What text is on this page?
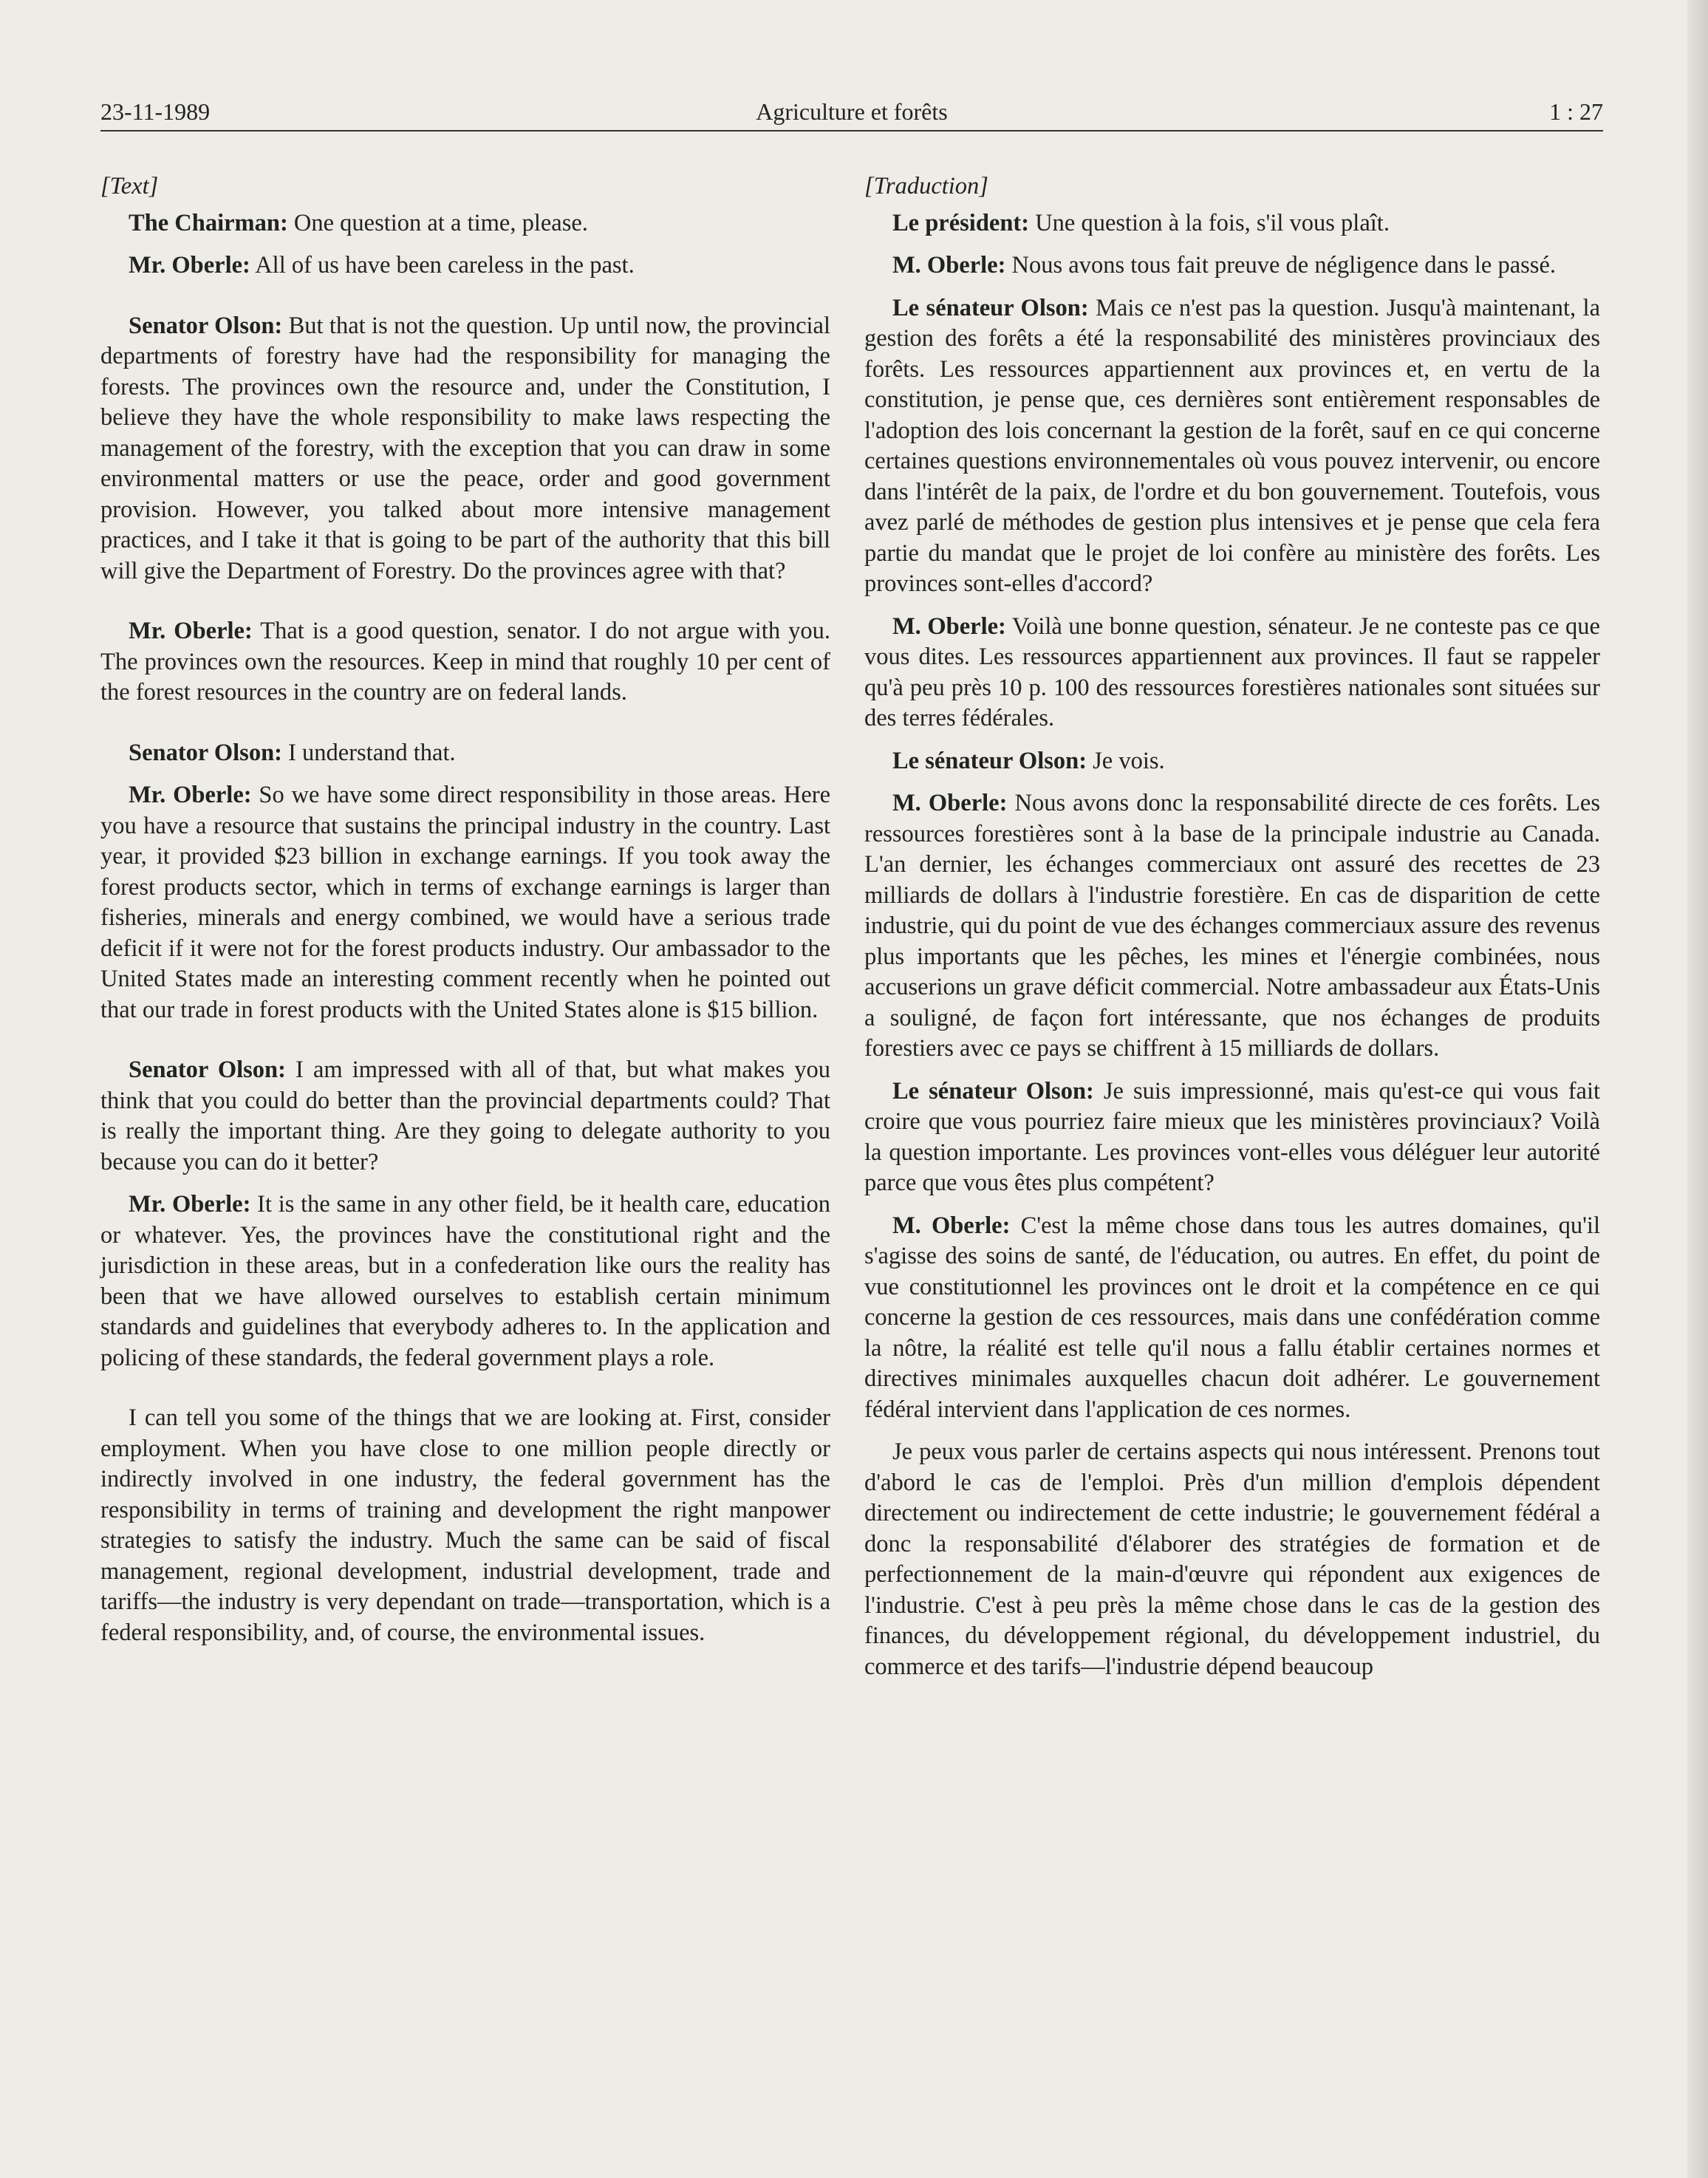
23-11-1989	Agriculture et forêts	1 : 27

[Text]

The Chairman: One question at a time, please.

Mr. Oberle: All of us have been careless in the past.

Senator Olson: But that is not the question. Up until now, the provincial departments of forestry have had the responsibility for managing the forests. The provinces own the resource and, under the Constitution, I believe they have the whole responsibility to make laws respecting the management of the forestry, with the exception that you can draw in some environmental matters or use the peace, order and good government provision. However, you talked about more intensive management practices, and I take it that is going to be part of the authority that this bill will give the Department of Forestry. Do the provinces agree with that?

Mr. Oberle: That is a good question, senator. I do not argue with you. The provinces own the resources. Keep in mind that roughly 10 per cent of the forest resources in the country are on federal lands.

Senator Olson: I understand that.

Mr. Oberle: So we have some direct responsibility in those areas. Here you have a resource that sustains the principal industry in the country. Last year, it provided $23 billion in exchange earnings. If you took away the forest products sector, which in terms of exchange earnings is larger than fisheries, minerals and energy combined, we would have a serious trade deficit if it were not for the forest products industry. Our ambassador to the United States made an interesting comment recently when he pointed out that our trade in forest products with the United States alone is $15 billion.

Senator Olson: I am impressed with all of that, but what makes you think that you could do better than the provincial departments could? That is really the important thing. Are they going to delegate authority to you because you can do it better?

Mr. Oberle: It is the same in any other field, be it health care, education or whatever. Yes, the provinces have the constitutional right and the jurisdiction in these areas, but in a confederation like ours the reality has been that we have allowed ourselves to establish certain minimum standards and guidelines that everybody adheres to. In the application and policing of these standards, the federal government plays a role.

I can tell you some of the things that we are looking at. First, consider employment. When you have close to one million people directly or indirectly involved in one industry, the federal government has the responsibility in terms of training and development the right manpower strategies to satisfy the industry. Much the same can be said of fiscal management, regional development, industrial development, trade and tariffs—the industry is very dependant on trade—transportation, which is a federal responsibility, and, of course, the environmental issues.

[Traduction]

Le président: Une question à la fois, s'il vous plaît.

M. Oberle: Nous avons tous fait preuve de négligence dans le passé.

Le sénateur Olson: Mais ce n'est pas la question. Jusqu'à maintenant, la gestion des forêts a été la responsabilité des ministères provinciaux des forêts. Les ressources appartiennent aux provinces et, en vertu de la constitution, je pense que, ces dernières sont entièrement responsables de l'adoption des lois concernant la gestion de la forêt, sauf en ce qui concerne certaines questions environnementales où vous pouvez intervenir, ou encore dans l'intérêt de la paix, de l'ordre et du bon gouvernement. Toutefois, vous avez parlé de méthodes de gestion plus intensives et je pense que cela fera partie du mandat que le projet de loi confère au ministère des forêts. Les provinces sont-elles d'accord?

M. Oberle: Voilà une bonne question, sénateur. Je ne conteste pas ce que vous dites. Les ressources appartiennent aux provinces. Il faut se rappeler qu'à peu près 10 p. 100 des ressources forestières nationales sont situées sur des terres fédérales.

Le sénateur Olson: Je vois.

M. Oberle: Nous avons donc la responsabilité directe de ces forêts. Les ressources forestières sont à la base de la principale industrie au Canada. L'an dernier, les échanges commerciaux ont assuré des recettes de 23 milliards de dollars à l'industrie forestière. En cas de disparition de cette industrie, qui du point de vue des échanges commerciaux assure des revenus plus importants que les pêches, les mines et l'énergie combinées, nous accuserions un grave déficit commercial. Notre ambassadeur aux États-Unis a souligné, de façon fort intéressante, que nos échanges de produits forestiers avec ce pays se chiffrent à 15 milliards de dollars.

Le sénateur Olson: Je suis impressionné, mais qu'est-ce qui vous fait croire que vous pourriez faire mieux que les ministères provinciaux? Voilà la question importante. Les provinces vont-elles vous déléguer leur autorité parce que vous êtes plus compétent?

M. Oberle: C'est la même chose dans tous les autres domaines, qu'il s'agisse des soins de santé, de l'éducation, ou autres. En effet, du point de vue constitutionnel les provinces ont le droit et la compétence en ce qui concerne la gestion de ces ressources, mais dans une confédération comme la nôtre, la réalité est telle qu'il nous a fallu établir certaines normes et directives minimales auxquelles chacun doit adhérer. Le gouvernement fédéral intervient dans l'application de ces normes.

Je peux vous parler de certains aspects qui nous intéressent. Prenons tout d'abord le cas de l'emploi. Près d'un million d'emplois dépendent directement ou indirectement de cette industrie; le gouvernement fédéral a donc la responsabilité d'élaborer des stratégies de formation et de perfectionnement de la main-d'œuvre qui répondent aux exigences de l'industrie. C'est à peu près la même chose dans le cas de la gestion des finances, du développement régional, du développement industriel, du commerce et des tarifs—l'industrie dépend beaucoup
